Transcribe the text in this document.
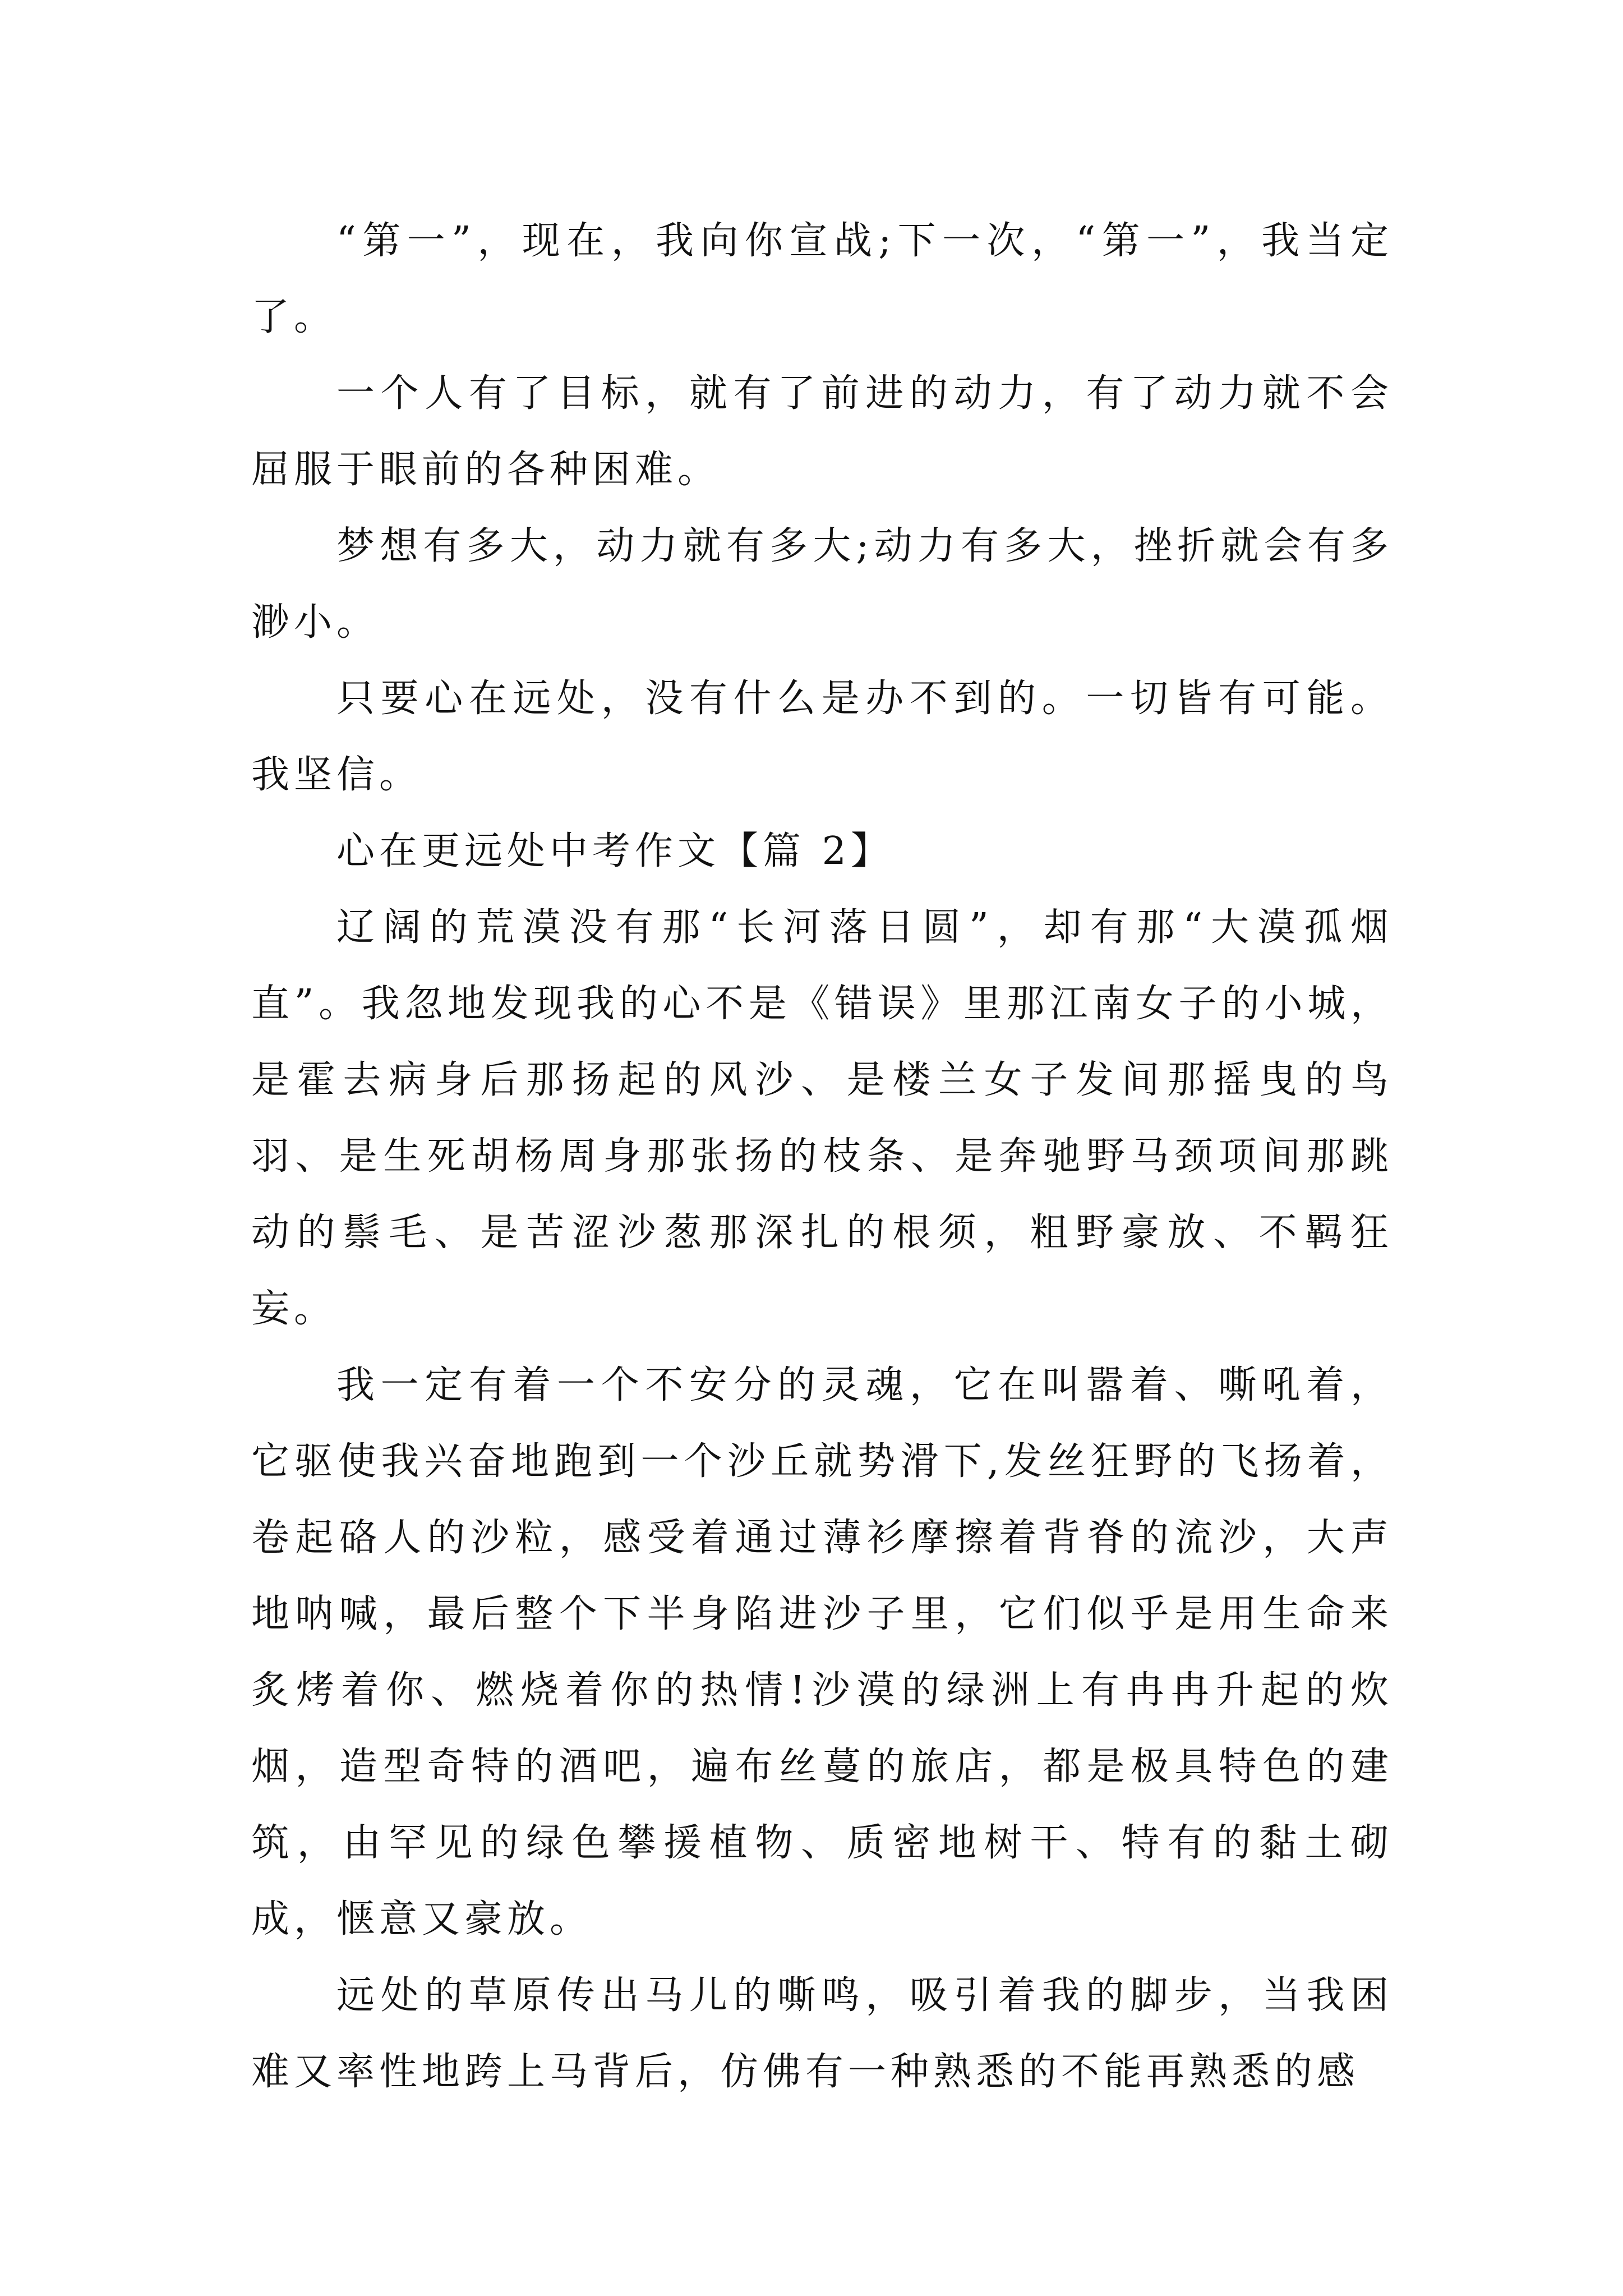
“第一”，现在，我向你宣战;下一次，“第一”，我当定了。

一个人有了目标，就有了前进的动力，有了动力就不会屈服于眼前的各种困难。

梦想有多大，动力就有多大;动力有多大，挫折就会有多渺小。

只要心在远处，没有什么是办不到的。一切皆有可能。我坚信。

心在更远处中考作文【篇 2】

辽阔的荒漠没有那“长河落日圆”，却有那“大漠孤烟直”。我忽地发现我的心不是《错误》里那江南女子的小城，是霍去病身后那扬起的风沙、是楼兰女子发间那摇曳的鸟羽、是生死胡杨周身那张扬的枝条、是奔驰野马颈项间那跳动的鬃毛、是苦涩沙葱那深扎的根须，粗野豪放、不羁狂妄。

我一定有着一个不安分的灵魂，它在叫嚣着、嘶吼着，它驱使我兴奋地跑到一个沙丘就势滑下,发丝狂野的飞扬着，卷起硌人的沙粒，感受着通过薄衫摩擦着背脊的流沙，大声地呐喊，最后整个下半身陷进沙子里，它们似乎是用生命来炙烤着你、燃烧着你的热情!沙漠的绿洲上有冉冉升起的炊烟，造型奇特的酒吧，遍布丝蔓的旅店，都是极具特色的建筑，由罕见的绿色攀援植物、质密地树干、特有的黏土砌成，惬意又豪放。

远处的草原传出马儿的嘶鸣，吸引着我的脚步，当我困难又率性地跨上马背后，仿佛有一种熟悉的不能再熟悉的感
